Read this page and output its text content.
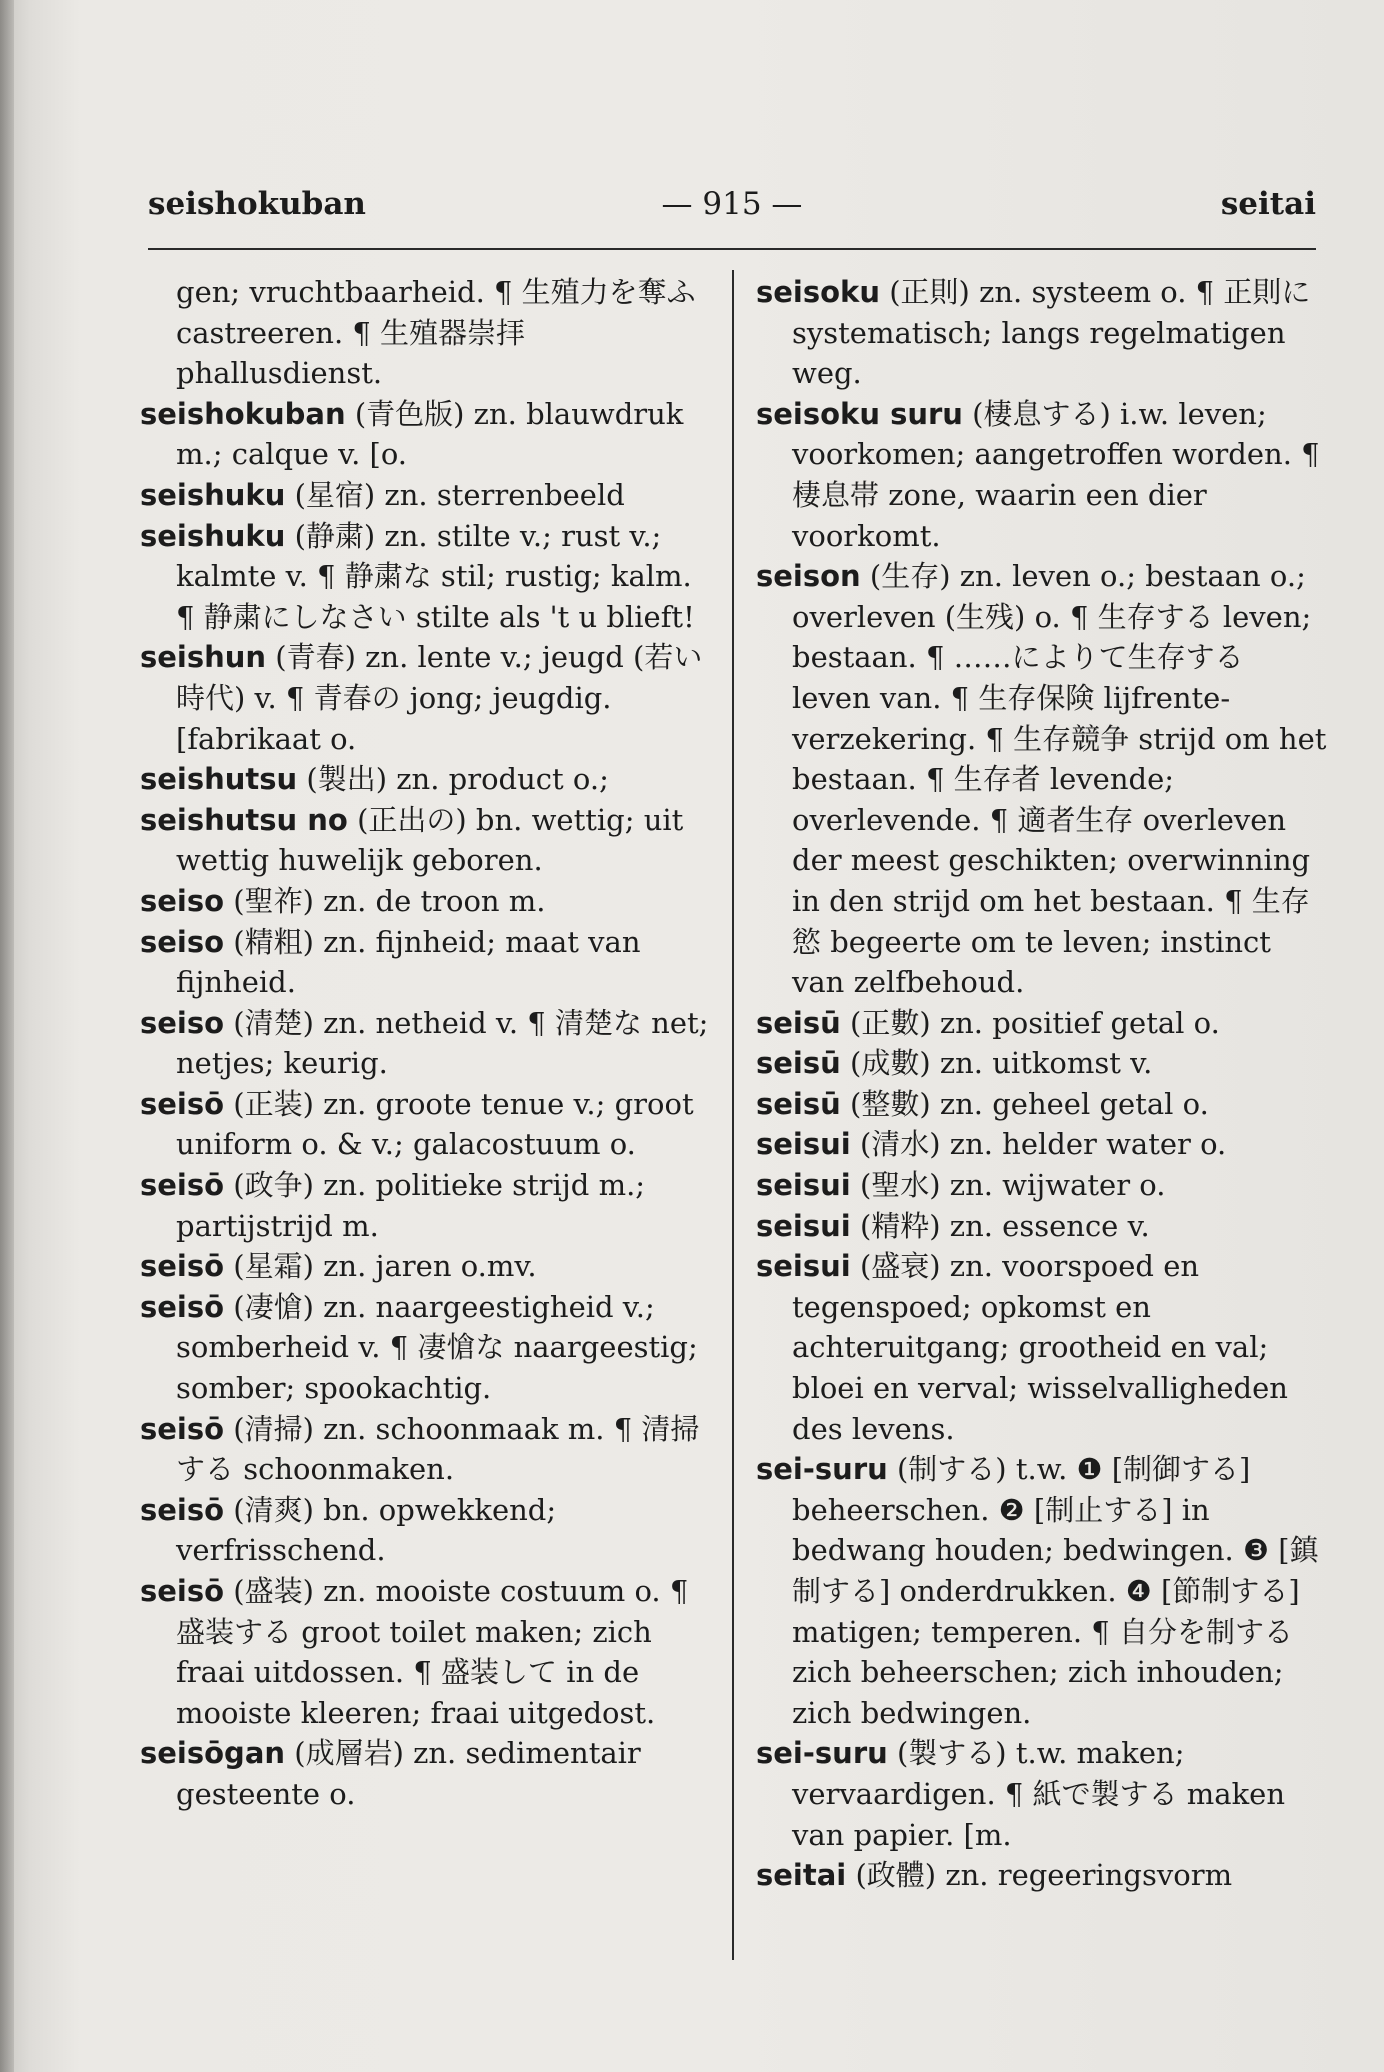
seishokuban	— 915 —	seitai

gen; vruchtbaarheid. ¶ 生殖力を奪ふ castreeren. ¶ 生殖器崇拝 phallusdienst.

seishokuban (青色版) zn. blauwdruk m.; calque v. [o.

seishuku (星宿) zn. sterrenbeeld

seishuku (静粛) zn. stilte v.; rust v.; kalmte v. ¶ 静粛な stil; rustig; kalm. ¶ 静粛にしなさい stilte als 't u blieft!

seishun (青春) zn. lente v.; jeugd (若い時代) v. ¶ 青春の jong; jeugdig. [fabrikaat o.

seishutsu (製出) zn. product o.;

seishutsu no (正出の) bn. wettig; uit wettig huwelijk geboren.

seiso (聖祚) zn. de troon m.

seiso (精粗) zn. fijnheid; maat van fijnheid.

seiso (清楚) zn. netheid v. ¶ 清楚な net; netjes; keurig.

seisō (正装) zn. groote tenue v.; groot uniform o. & v.; galacostuum o.

seisō (政争) zn. politieke strijd m.; partijstrijd m.

seisō (星霜) zn. jaren o.mv.

seisō (凄愴) zn. naargeestigheid v.; somberheid v. ¶ 凄愴な naargeestig; somber; spookachtig.

seisō (清掃) zn. schoonmaak m. ¶ 清掃する schoonmaken.

seisō (清爽) bn. opwekkend; verfrisschend.

seisō (盛装) zn. mooiste costuum o. ¶ 盛装する groot toilet maken; zich fraai uitdossen. ¶ 盛装して in de mooiste kleeren; fraai uitgedost.

seisōgan (成層岩) zn. sedimentair gesteente o.

seisoku (正則) zn. systeem o. ¶ 正則に systematisch; langs regelmatigen weg.

seisoku suru (棲息する) i.w. leven; voorkomen; aangetroffen worden. ¶ 棲息帯 zone, waarin een dier voorkomt.

seison (生存) zn. leven o.; bestaan o.; overleven (生残) o. ¶ 生存する leven; bestaan. ¶ ……によりて生存する leven van. ¶ 生存保険 lijfrente-verzekering. ¶ 生存競争 strijd om het bestaan. ¶ 生存者 levende; overlevende. ¶ 適者生存 overleven der meest geschikten; overwinning in den strijd om het bestaan. ¶ 生存慾 begeerte om te leven; instinct van zelfbehoud.

seisū (正數) zn. positief getal o.

seisū (成數) zn. uitkomst v.

seisū (整數) zn. geheel getal o.

seisui (清水) zn. helder water o.

seisui (聖水) zn. wijwater o.

seisui (精粋) zn. essence v.

seisui (盛衰) zn. voorspoed en tegenspoed; opkomst en achteruitgang; grootheid en val; bloei en verval; wisselvalligheden des levens.

sei-suru (制する) t.w. ❶ [制御する] beheerschen. ❷ [制止する] in bedwang houden; bedwingen. ❸ [鎮制する] onderdrukken. ❹ [節制する] matigen; temperen. ¶ 自分を制する zich beheerschen; zich inhouden; zich bedwingen.

sei-suru (製する) t.w. maken; vervaardigen. ¶ 紙で製する maken van papier. [m.

seitai (政體) zn. regeeringsvorm
